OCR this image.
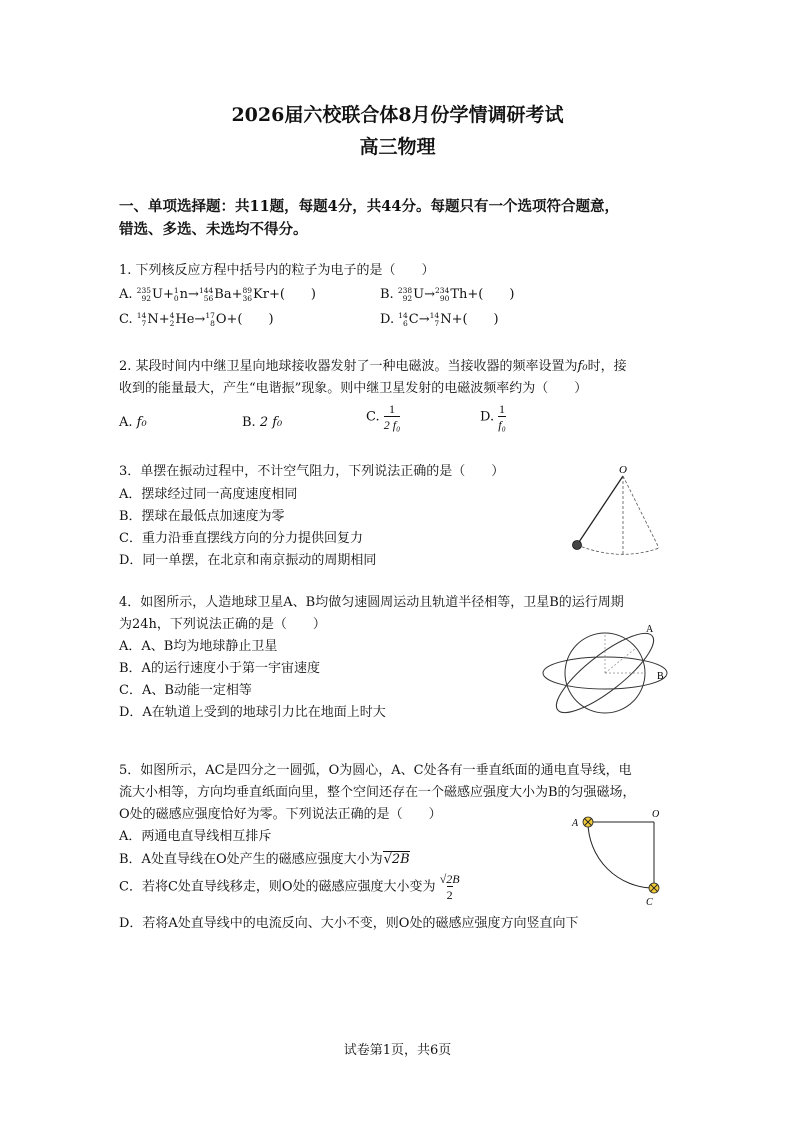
2026届六校联合体8月份学情调研考试
高三物理
一、单项选择题：共11题，每题4分，共44分。每题只有一个选项符合题意，
错选、多选、未选均不得分。
1. 下列核反应方程中括号内的粒子为电子的是（　　）
A. 235
92 U + 1
0 n → 144
56 Ba + 89
36 Kr +(　　)	B. 238
92 U → 234
90 Th +(　　)
C. 14
7 N + 4
2 He → 17
8 O +(　　)	D. 14
6 C → 14
7 N +(　　)
2. 某段时间内中继卫星向地球接收器发射了一种电磁波。当接收器的频率设置为f₀时，接
收到的能量最大，产生“电谐振”现象。则中继卫星发射的电磁波频率约为（　　）
A. f₀	B. 2 f₀	C. $\frac{1}{\text{2 f₀}}$	D. $\frac{1}{\text{f₀}}$
3．单摆在振动过程中，不计空气阻力，下列说法正确的是（　　）
A．摆球经过同一高度速度相同
B．摆球在最低点加速度为零
C．重力沿垂直摆线方向的分力提供回复力
D．同一单摆，在北京和南京振动的周期相同
O
4．如图所示，人造地球卫星A、B均做匀速圆周运动且轨道半径相等，卫星B的运行周期
为24h，下列说法正确的是（　　）
A．A、B均为地球静止卫星
B．A的运行速度小于第一宇宙速度
C．A、B动能一定相等
D．A在轨道上受到的地球引力比在地面上时大
A
B
5．如图所示，AC是四分之一圆弧，O为圆心，A、C处各有一垂直纸面的通电直导线，电
流大小相等，方向均垂直纸面向里，整个空间还存在一个磁感应强度大小为B的匀强磁场，
O处的磁感应强度恰好为零。下列说法正确的是（　　）
A．两通电直导线相互排斥
B．A处直导线在O处产生的磁感应强度大小为√2B
C．若将C处直导线移走，则O处的磁感应强度大小变为 $\frac{√2B}{2}$
D．若将A处直导线中的电流反向、大小不变，则O处的磁感应强度方向竖直向下
A
O
C
试卷第1页，共6页
